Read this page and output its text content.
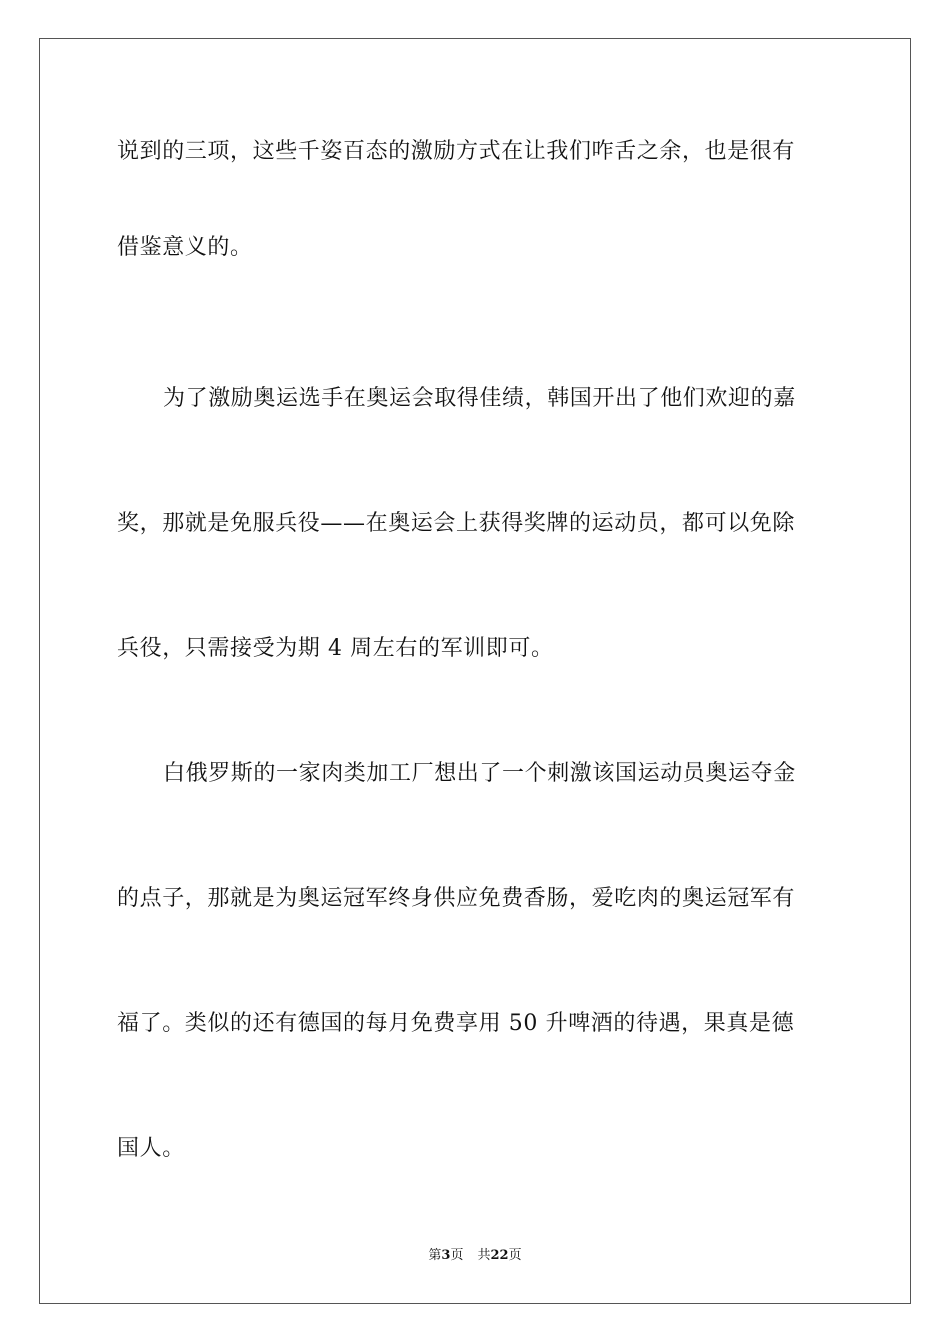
说到的三项，这些千姿百态的激励方式在让我们咋舌之余，也是很有
借鉴意义的。
为了激励奥运选手在奥运会取得佳绩，韩国开出了他们欢迎的嘉
奖，那就是免服兵役——在奥运会上获得奖牌的运动员，都可以免除
兵役，只需接受为期 4 周左右的军训即可。
白俄罗斯的一家肉类加工厂想出了一个刺激该国运动员奥运夺金
的点子，那就是为奥运冠军终身供应免费香肠，爱吃肉的奥运冠军有
福了。类似的还有德国的每月免费享用 50 升啤酒的待遇，果真是德
国人。
第3页 共22页
